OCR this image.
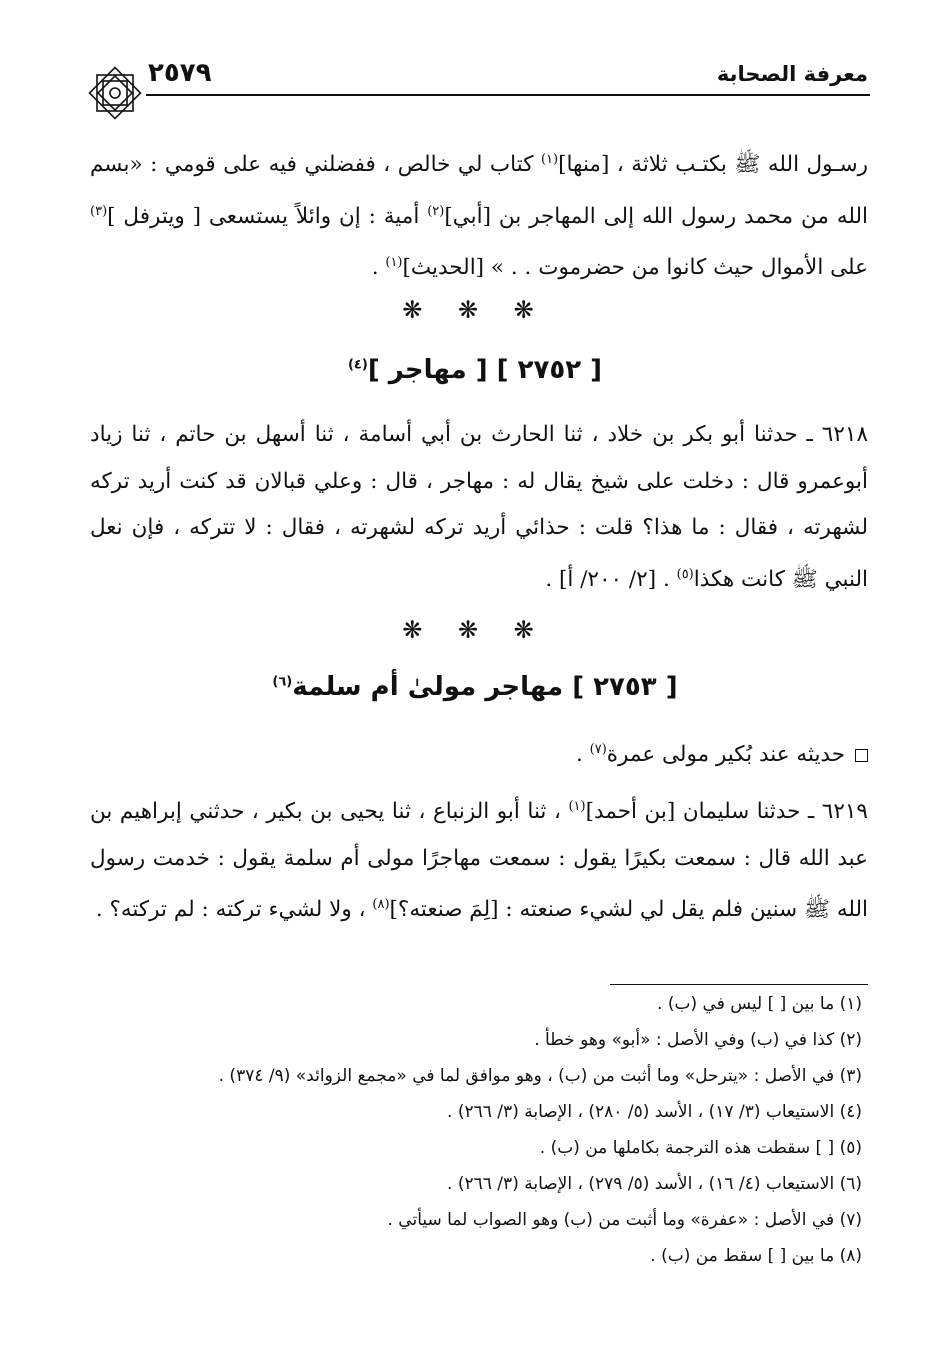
معرفة الصحابة
٢٥٧٩
رسـول الله ﷺ بكتـب ثلاثة ، [منها]$^{(١)}$ كتاب لي خالص ، ففضلني فيه على قومي : «بسم الله من محمد رسول الله إلى المهاجر بن [أبي]$^{(٢)}$ أمية : إن وائلاً يستسعى [ ويترفل ]$^{(٣)}$ على الأموال حيث كانوا من حضرموت . . » [الحديث]$^{(١)}$ .
❋ ❋ ❋
[ ٢٧٥٢ ] [ مهاجر ]$^{(٤)}$
٦٢١٨ ـ حدثنا أبو بكر بن خلاد ، ثنا الحارث بن أبي أسامة ، ثنا أسهل بن حاتم ، ثنا زياد أبوعمرو قال : دخلت على شيخ يقال له : مهاجر ، قال : وعلي قبالان قد كنت أريد تركه لشهرته ، فقال : ما هذا؟ قلت : حذائي أريد تركه لشهرته ، فقال : لا تتركه ، فإن نعل النبي ﷺ كانت هكذا$^{(٥)}$ . [٢/ ٢٠٠/ أ] .
❋ ❋ ❋
[ ٢٧٥٣ ] مهاجر مولىٰ أم سلمة$^{(٦)}$
حديثه عند بُكير مولى عمرة$^{(٧)}$ .
٦٢١٩ ـ حدثنا سليمان [بن أحمد]$^{(١)}$ ، ثنا أبو الزنباع ، ثنا يحيى بن بكير ، حدثني إبراهيم بن عبد الله قال : سمعت بكيرًا يقول : سمعت مهاجرًا مولى أم سلمة يقول : خدمت رسول الله ﷺ سنين فلم يقل لي لشيء صنعته : [لِمَ صنعته؟]$^{(٨)}$ ، ولا لشيء تركته : لم تركته؟ .
(١) ما بين [ ] ليس في (ب) .
(٢) كذا في (ب) وفي الأصل : «أبو» وهو خطأ .
(٣) في الأصل : «يترحل» وما أثبت من (ب) ، وهو موافق لما في «مجمع الزوائد» (٩/ ٣٧٤) .
(٤) الاستيعاب (٣/ ١٧) ، الأسد (٥/ ٢٨٠) ، الإصابة (٣/ ٢٦٦) .
(٥) [ ] سقطت هذه الترجمة بكاملها من (ب) .
(٦) الاستيعاب (٤/ ١٦) ، الأسد (٥/ ٢٧٩) ، الإصابة (٣/ ٢٦٦) .
(٧) في الأصل : «عفرة» وما أثبت من (ب) وهو الصواب لما سيأتي .
(٨) ما بين [ ] سقط من (ب) .
